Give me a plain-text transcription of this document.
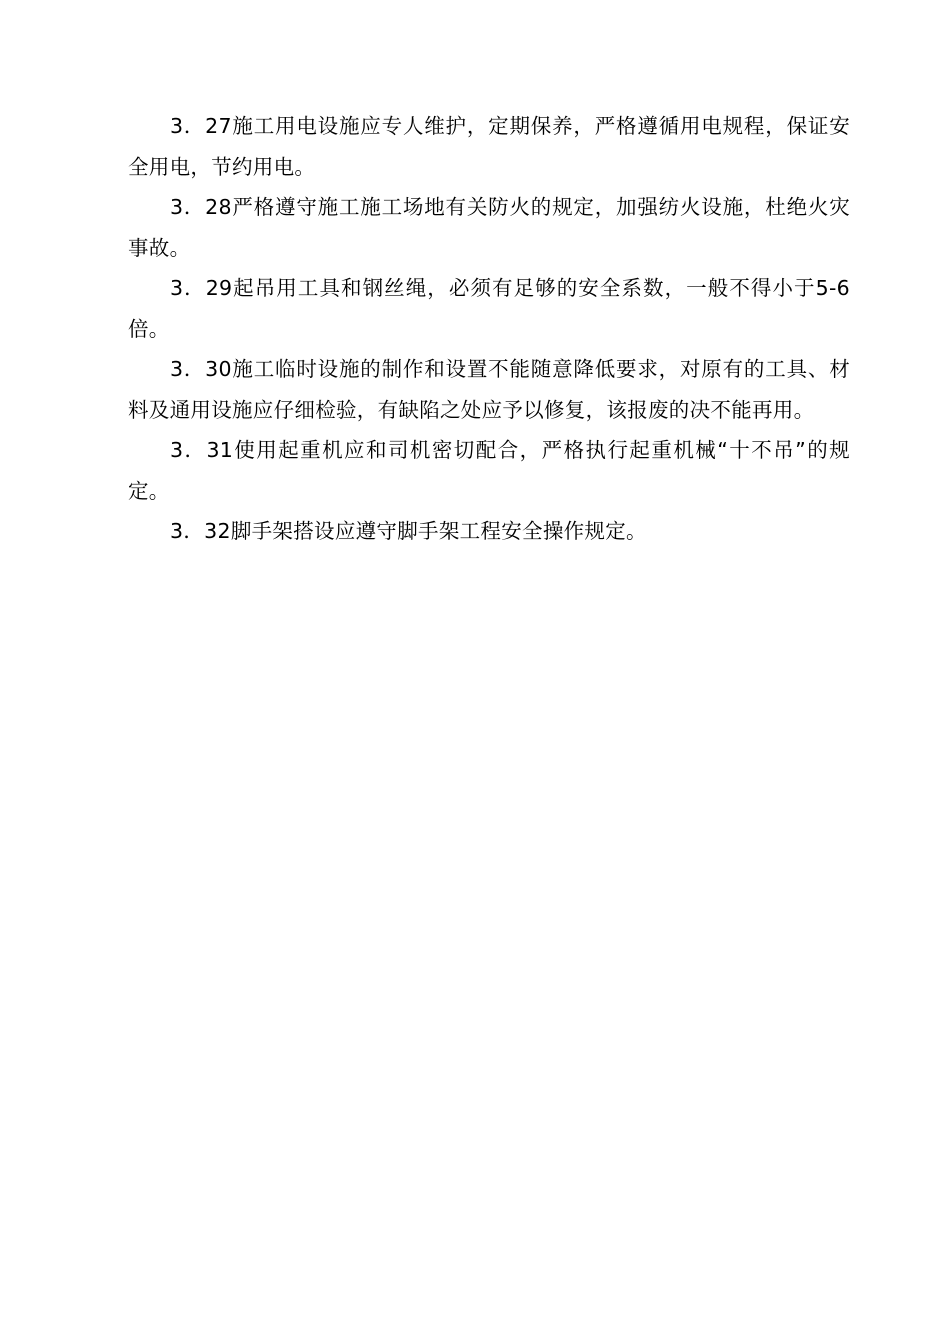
3．27施工用电设施应专人维护，定期保养，严格遵循用电规程，保证安全用电，节约用电。

3．28严格遵守施工施工场地有关防火的规定，加强纺火设施，杜绝火灾事故。

3．29起吊用工具和钢丝绳，必须有足够的安全系数，一般不得小于5-6倍。

3．30施工临时设施的制作和设置不能随意降低要求，对原有的工具、材料及通用设施应仔细检验，有缺陷之处应予以修复，该报废的决不能再用。

3．31使用起重机应和司机密切配合，严格执行起重机械“十不吊”的规定。

3．32脚手架搭设应遵守脚手架工程安全操作规定。
